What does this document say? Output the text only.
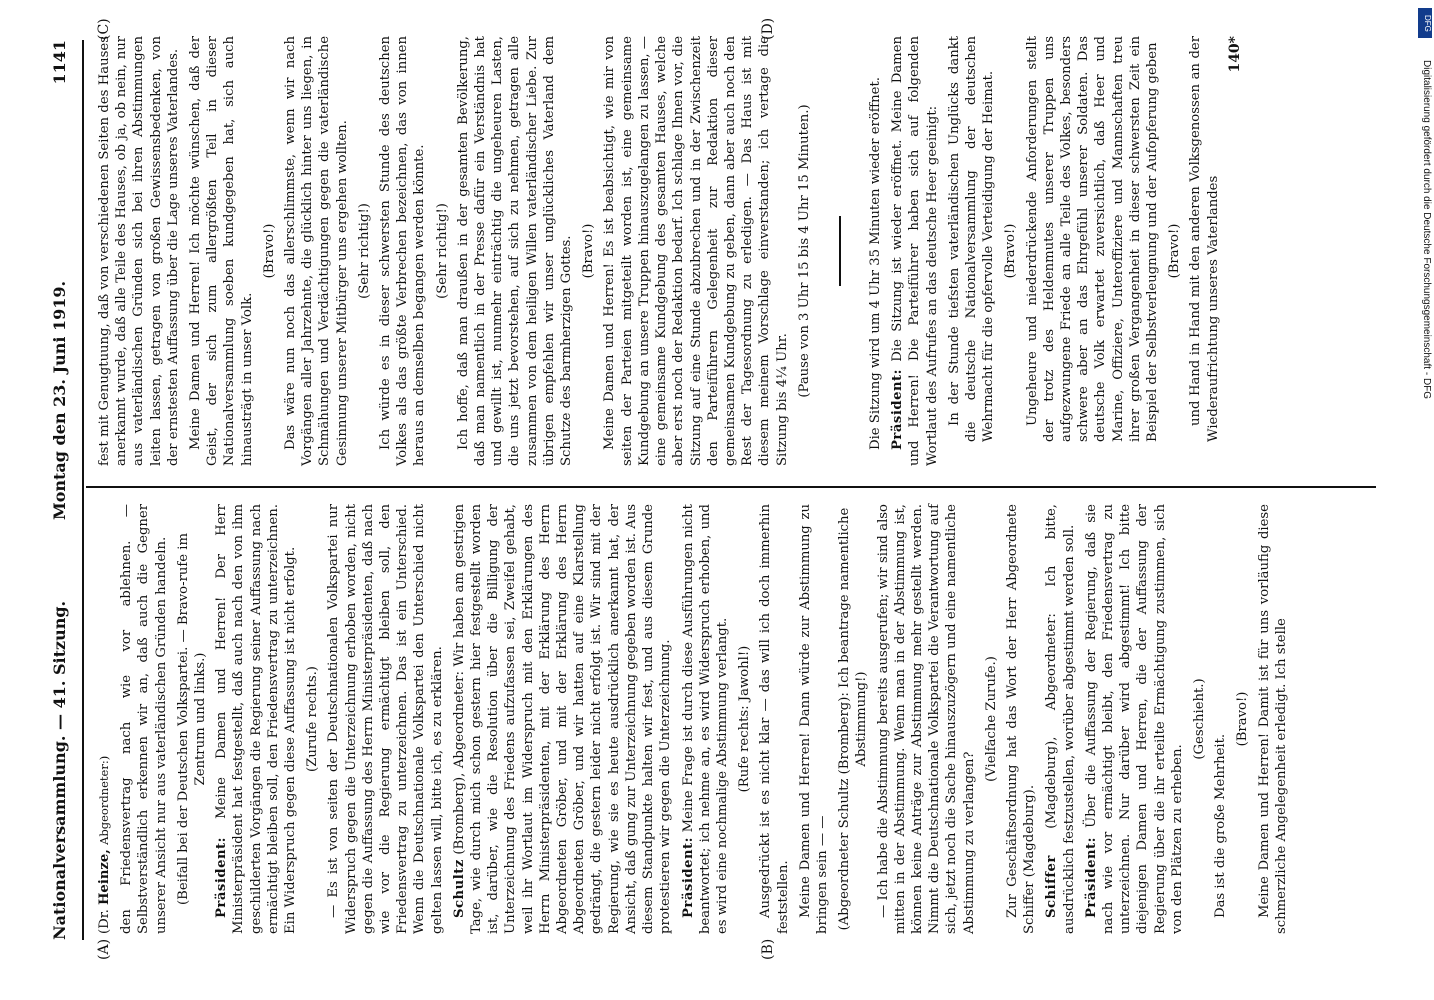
Nationalversammlung. — 41. Sitzung.
Montag den 23. Juni 1919.
1141
(A)	(B)
(C)	(D)

(Dr. Heinze, Abgeordneter:) den Friedensvertrag nach wie vor ablehnen. — Selbstverständlich erkennen wir an, daß auch die Gegner unserer Ansicht nur aus vaterländischen Gründen handeln. (Beifall bei der Deutschen Volkspartei. — Bravo-rufe im Zentrum und links.)

Präsident: Meine Damen und Herren! Der Herr Ministerpräsident hat festgestellt, daß auch nach den von ihm geschilderten Vorgängen die Regierung seiner Auffassung nach ermächtigt bleiben soll, den Friedensvertrag zu unterzeichnen. Ein Widerspruch gegen diese Auffassung ist nicht erfolgt. (Zurufe rechts.) — Es ist von seiten der Deutschnationalen Volkspartei nur Widerspruch gegen die Unterzeichnung erhoben worden, nicht gegen die Auffassung des Herrn Ministerpräsidenten, daß nach wie vor die Regierung ermächtigt bleiben soll, den Friedensvertrag zu unterzeichnen. Das ist ein Unterschied. Wenn die Deutschnationale Volkspartei den Unterschied nicht gelten lassen will, bitte ich, es zu erklären. Schultz (Bromberg), Abgeordneter: Wir haben am gestrigen Tage, wie durch mich schon gestern hier festgestellt worden ist, darüber, wie die Resolution über die Billigung der Unterzeichnung des Friedens aufzufassen sei, Zweifel gehabt, weil ihr Wortlaut im Widerspruch mit den Erklärungen des Herrn Ministerpräsidenten, mit der Erklärung des Herrn Abgeordneten Gröber, und mit der Erklärung des Herrn Abgeordneten Gröber, und wir hatten auf eine Klarstellung gedrängt, die gestern leider nicht erfolgt ist. Wir sind mit der Regierung, wie sie es heute ausdrücklich anerkannt hat, der Ansicht, daß gung zur Unterzeichnung gegeben worden ist. Aus diesem Standpunkte halten wir fest, und aus diesem Grunde protestieren wir gegen die Unterzeichnung. Präsident: Meine Frage ist durch diese Ausführungen nicht beantwortet; ich nehme an, es wird Widerspruch erhoben, und es wird eine nochmalige Abstimmung verlangt. (Rufe rechts: Jawohl!) Ausgedrückt ist es nicht klar — das will ich doch immerhin feststellen. Meine Damen und Herren! Dann würde zur Abstimmung zu bringen sein — — (Abgeordneter Schultz (Bromberg): Ich beantrage namentliche Abstimmung!) — Ich habe die Abstimmung bereits ausgerufen; wir sind also mitten in der Abstimmung. Wenn man in der Abstimmung ist, können keine Anträge zur Abstimmung mehr gestellt werden. Nimmt die Deutschnationale Volkspartei die Verantwortung auf sich, jetzt noch die Sache hinauszuzögern und eine namentliche Abstimmung zu verlangen?

(Vielfache Zurufe.) Zur Geschäftsordnung hat das Wort der Herr Abgeordnete Schiffer (Magdeburg). Schiffer (Magdeburg), Abgeordneter: Ich bitte, ausdrücklich festzustellen, worüber abgestimmt werden soll. Präsident: Über die Auffassung der Regierung, daß sie nach wie vor ermächtigt bleibt, den Friedensvertrag zu unterzeichnen. Nur darüber wird abgestimmt! Ich bitte diejenigen Damen und Herren, die der Auffassung der Regierung über die ihr erteilte Ermächtigung zustimmen, sich von den Plätzen zu erheben.

(Geschieht.)

Das ist die große Mehrheit.

(Bravo!) Meine Damen und Herren! Damit ist für uns vorläufig diese schmerzliche Angelegenheit erledigt. Ich stelle

fest mit Genugtuung, daß von verschiedenen Seiten des Hauses anerkannt wurde, daß alle Teile des Hauses, ob ja, ob nein, nur aus vaterländischen Gründen sich bei ihren Abstimmungen leiten lassen, getragen von großen Gewissensbedenken, von der ernstesten Auffassung über die Lage unseres Vaterlandes. Meine Damen und Herren! Ich möchte wünschen, daß der Geist, der sich zum allergrößten Teil in dieser Nationalversammlung soeben kundgegeben hat, sich auch hinausträgt in unser Volk.

(Bravo!) Das wäre nun noch das allerschlimmste, wenn wir nach Vorgängen aller Jahrzehnte, die glücklich hinter uns liegen, in Schmähungen und Verdächtigungen gegen die vaterländische Gesinnung unserer Mitbürger uns ergehen wollten. (Sehr richtig!) Ich würde es in dieser schwersten Stunde des deutschen Volkes als das größte Verbrechen bezeichnen, das von innen heraus an demselben begangen werden könnte. (Sehr richtig!) Ich hoffe, daß man draußen in der gesamten Bevölkerung, daß man namentlich in der Presse dafür ein Verständnis hat und gewillt ist, nunmehr einträchtig die ungeheuren Lasten, die uns jetzt bevorstehen, auf sich zu nehmen, getragen alle zusammen von dem heiligen Willen vaterländischer Liebe. Zur übrigen empfehlen wir unser unglückliches Vaterland dem Schutze des barmherzigen Gottes. (Bravo!) Meine Damen und Herren! Es ist beabsichtigt, wie mir von seiten der Parteien mitgeteilt worden ist, eine gemeinsame Kundgebung an unsere Truppen hinauszugelangen zu lassen, — eine gemeinsame Kundgebung des gesamten Hauses, welche aber erst noch der Redaktion bedarf. Ich schlage Ihnen vor, die Sitzung auf eine Stunde abzubrechen und in der Zwischenzeit den Parteiführern Gelegenheit zur Redaktion dieser gemeinsamen Kundgebung zu geben, dann aber auch noch den Rest der Tagesordnung zu erledigen. — Das Haus ist mit diesem meinem Vorschlage einverstanden; ich vertage die Sitzung bis 4¼ Uhr.

(Pause von 3 Uhr 15 bis 4 Uhr 15 Minuten.)	Die Sitzung wird um 4 Uhr 35 Minuten wieder eröffnet. Präsident: Die Sitzung ist wieder eröffnet. Meine Damen und Herren! Die Parteiführer haben sich auf folgenden Wortlaut des Aufrufes an das deutsche Heer geeinigt: In der Stunde tiefsten vaterländischen Unglücks dankt die deutsche Nationalversammlung der deutschen Wehrmacht für die opfervolle Verteidigung der Heimat. (Bravo!) Ungeheure und niederdrückende Anforderungen stellt der trotz des Heldenmutes unserer Truppen uns aufgezwungene Friede an alle Teile des Volkes, besonders schwere aber an das Ehrgefühl unserer Soldaten. Das deutsche Volk erwartet zuversichtlich, daß Heer und Marine, Offiziere, Unteroffiziere und Mannschaften treu ihrer großen Vergangenheit in dieser schwersten Zeit ein Beispiel der Selbstverleugnung und der Aufopferung geben (Bravo!) und Hand in Hand mit den anderen Volksgenossen an der Wiederaufrichtung unseres Vaterlandes

140*
Digitalisierung gefördert durch die Deutsche Forschungsgemeinschaft - DFG
DFG
